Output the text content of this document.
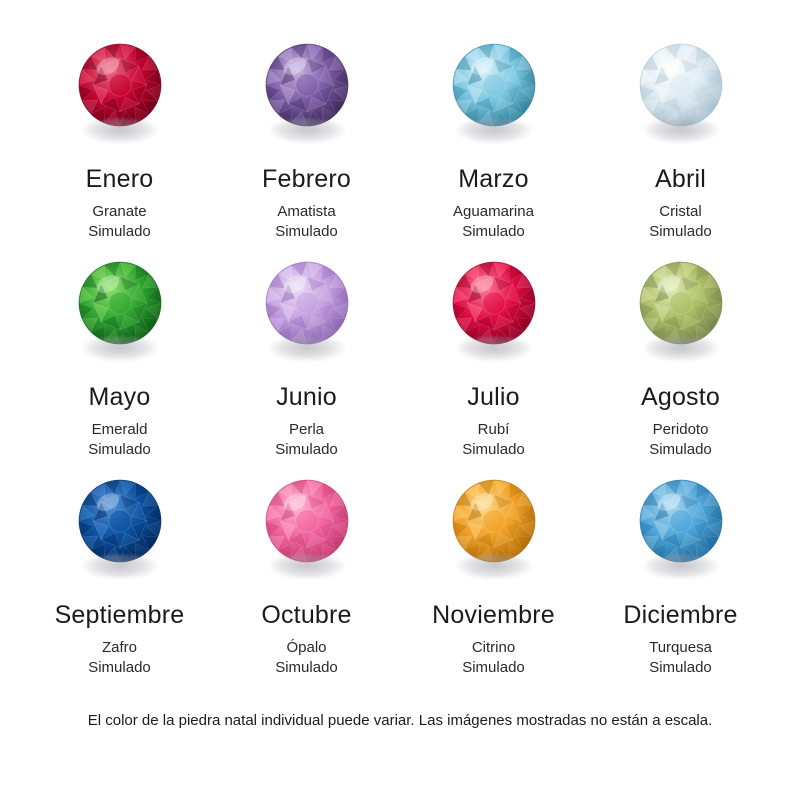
Enero
Granate
Simulado
Febrero
Amatista
Simulado
Marzo
Aguamarina
Simulado
Abril
Cristal
Simulado
Mayo
Emerald
Simulado
Junio
Perla
Simulado
Julio
Rubí
Simulado
Agosto
Peridoto
Simulado
Septiembre
Zafro
Simulado
Octubre
Ópalo
Simulado
Noviembre
Citrino
Simulado
Diciembre
Turquesa
Simulado
El color de la piedra natal individual puede variar. Las imágenes mostradas no están a escala.
